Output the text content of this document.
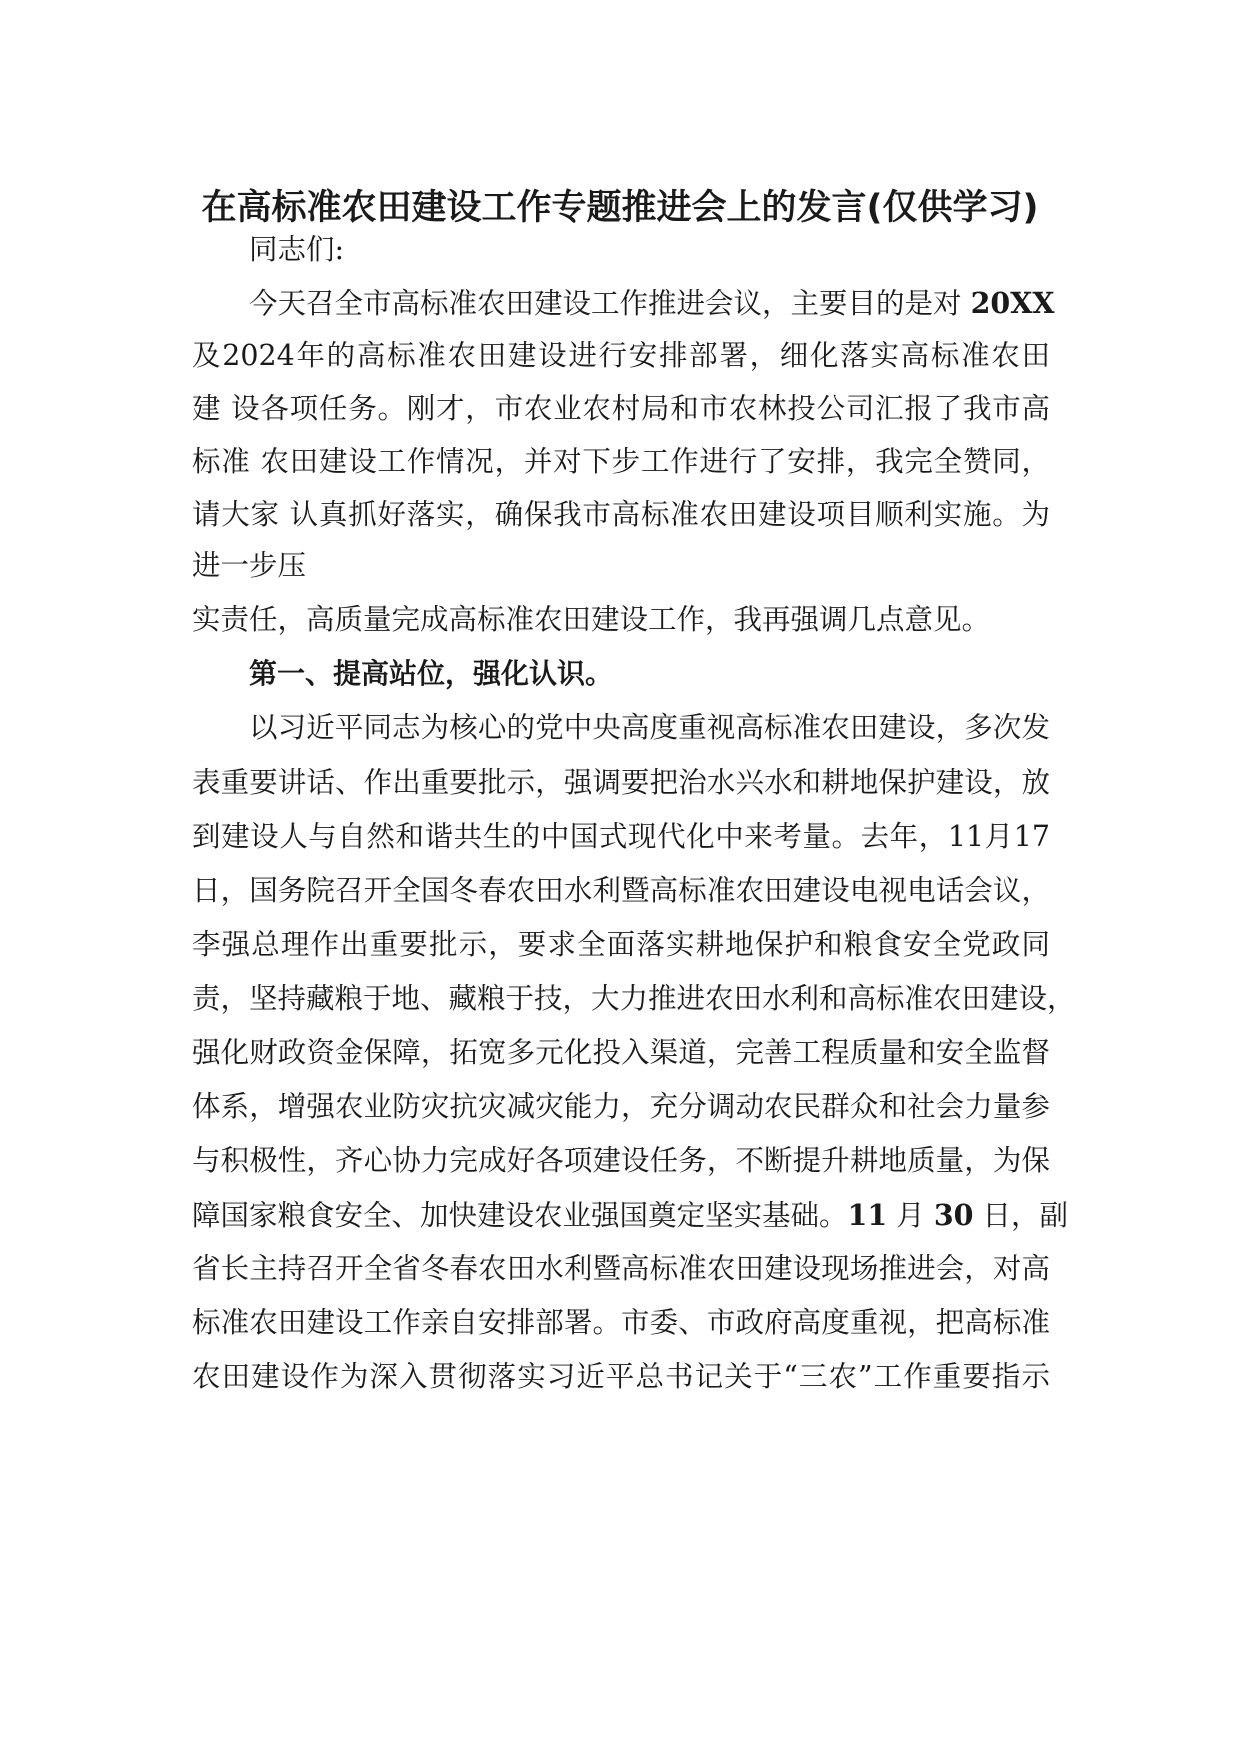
在高标准农田建设工作专题推进会上的发言(仅供学习)
同志们:
今天召全市高标准农田建设工作推进会议，主要目的是对 20XX
及2024年的高标准农田建设进行安排部署，细化落实高标准农田
建 设各项任务。刚才，市农业农村局和市农林投公司汇报了我市高
标准 农田建设工作情况，并对下步工作进行了安排，我完全赞同，
请大家 认真抓好落实，确保我市高标准农田建设项目顺利实施。为
进一步压
实责任，高质量完成高标准农田建设工作，我再强调几点意见。
第一、提高站位，强化认识。
以习近平同志为核心的党中央高度重视高标准农田建设，多次发
表重要讲话、作出重要批示，强调要把治水兴水和耕地保护建设，放
到建设人与自然和谐共生的中国式现代化中来考量。去年，11月17
日，国务院召开全国冬春农田水利暨高标准农田建设电视电话会议，
李强总理作出重要批示，要求全面落实耕地保护和粮食安全党政同
责，坚持藏粮于地、藏粮于技，大力推进农田水利和高标准农田建设，
强化财政资金保障，拓宽多元化投入渠道，完善工程质量和安全监督
体系，增强农业防灾抗灾减灾能力，充分调动农民群众和社会力量参
与积极性，齐心协力完成好各项建设任务，不断提升耕地质量，为保
障国家粮食安全、加快建设农业强国奠定坚实基础。11 月 30 日，副
省长主持召开全省冬春农田水利暨高标准农田建设现场推进会，对高
标准农田建设工作亲自安排部署。市委、市政府高度重视，把高标准
农田建设作为深入贯彻落实习近平总书记关于“三农”工作重要指示
